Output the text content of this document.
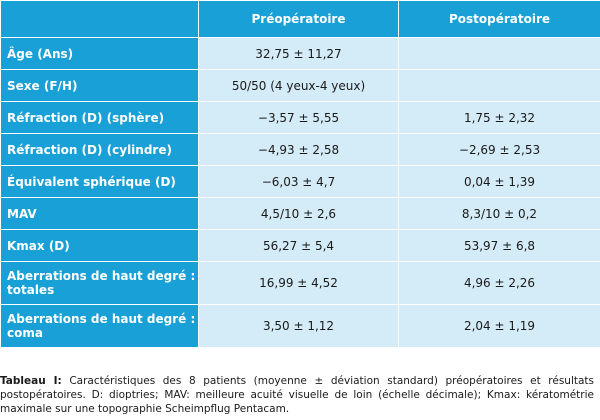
	Préopératoire	Postopératoire
Âge (Ans)	32,75 ± 11,27	
Sexe (F/H)	50/50 (4 yeux-4 yeux)	
Réfraction (D) (sphère)	−3,57 ± 5,55	1,75 ± 2,32
Réfraction (D) (cylindre)	−4,93 ± 2,58	−2,69 ± 2,53
Équivalent sphérique (D)	−6,03 ± 4,7	0,04 ± 1,39
MAV	4,5/10 ± 2,6	8,3/10 ± 0,2
Kmax (D)	56,27 ± 5,4	53,97 ± 6,8
Aberrations de haut degré : totales	16,99 ± 4,52	4,96 ± 2,26
Aberrations de haut degré : coma	3,50 ± 1,12	2,04 ± 1,19

Tableau I: Caractéristiques des 8 patients (moyenne ± déviation standard) préopératoires et résultats postopératoires. D: dioptries; MAV: meilleure acuité visuelle de loin (échelle décimale); Kmax: kératométrie maximale sur une topographie Scheimpflug Pentacam.
